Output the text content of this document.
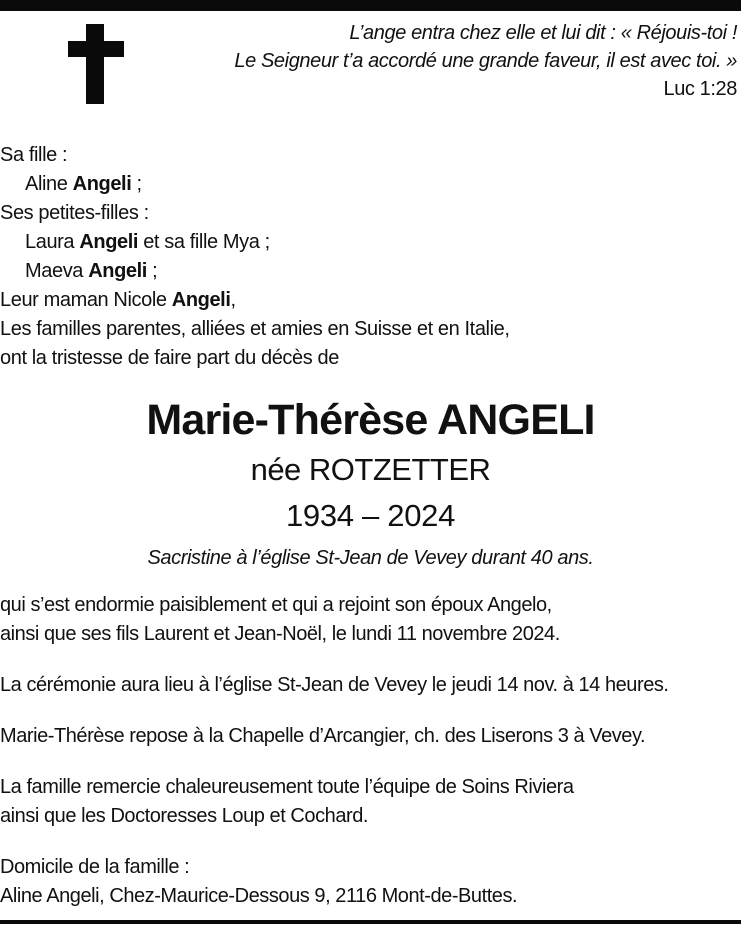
L’ange entra chez elle et lui dit : « Réjouis-toi !
Le Seigneur t’a accordé une grande faveur, il est avec toi. »
Luc 1:28
Sa fille :
Aline Angeli ;
Ses petites-filles :
Laura Angeli et sa fille Mya ;
Maeva Angeli ;
Leur maman Nicole Angeli,
Les familles parentes, alliées et amies en Suisse et en Italie,
ont la tristesse de faire part du décès de
Marie-Thérèse ANGELI
née ROTZETTER
1934 – 2024
Sacristine à l’église St-Jean de Vevey durant 40 ans.

qui s’est endormie paisiblement et qui a rejoint son époux Angelo,
ainsi que ses fils Laurent et Jean-Noël, le lundi 11 novembre 2024.

La cérémonie aura lieu à l’église St-Jean de Vevey le jeudi 14 nov. à 14 heures.

Marie-Thérèse repose à la Chapelle d’Arcangier, ch. des Liserons 3 à Vevey.

La famille remercie chaleureusement toute l’équipe de Soins Riviera
ainsi que les Doctoresses Loup et Cochard.

Domicile de la famille :
Aline Angeli, Chez-Maurice-Dessous 9, 2116 Mont-de-Buttes.
